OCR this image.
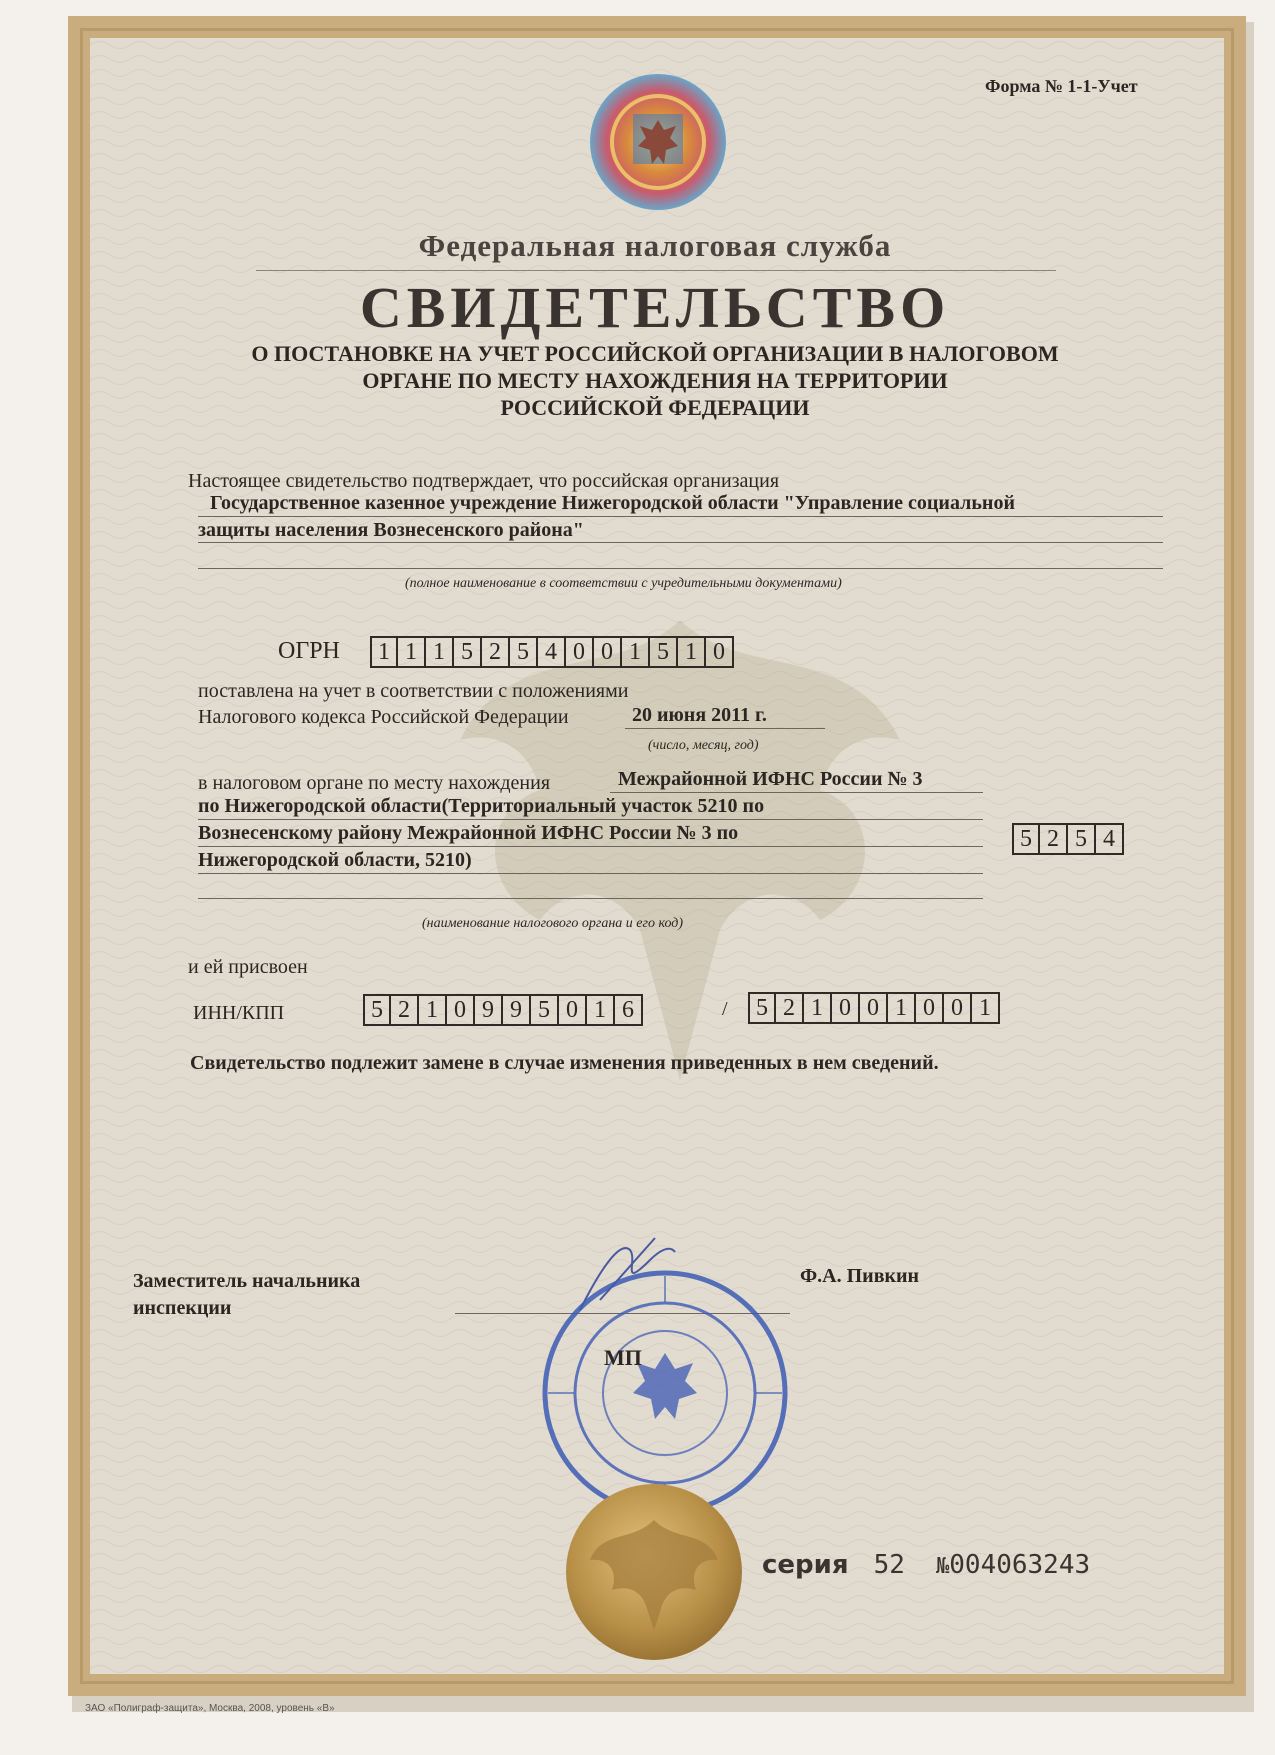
Форма № 1-1-Учет
Федеральная налоговая служба
СВИДЕТЕЛЬСТВО
О ПОСТАНОВКЕ НА УЧЕТ РОССИЙСКОЙ ОРГАНИЗАЦИИ В НАЛОГОВОМ
ОРГАНЕ ПО МЕСТУ НАХОЖДЕНИЯ НА ТЕРРИТОРИИ
РОССИЙСКОЙ ФЕДЕРАЦИИ
Настоящее свидетельство подтверждает, что российская организация
Государственное казенное учреждение Нижегородской области "Управление социальной
защиты населения Вознесенского района"
(полное наименование в соответствии с учредительными документами)
ОГРН	1 1 1 5 2 5 4 0 0 1 5 1 0
поставлена на учет в соответствии с положениями
Налогового кодекса Российской Федерации	20 июня 2011 г.
(число, месяц, год)
в налоговом органе по месту нахождения	Межрайонной ИФНС России № 3
по Нижегородской области(Территориальный участок 5210 по
Вознесенскому району Межрайонной ИФНС России № 3 по
Нижегородской области, 5210)
5 2 5 4
(наименование налогового органа и его код)
и ей присвоен
ИНН/КПП	5 2 1 0 9 9 5 0 1 6	/	5 2 1 0 0 1 0 0 1
Свидетельство подлежит замене в случае изменения приведенных в нем сведений.
Заместитель начальника
инспекции
Ф.А. Пивкин
МП
серия 52 №004063243
ЗАО «Полиграф-защита», Москва, 2008, уровень «В»
